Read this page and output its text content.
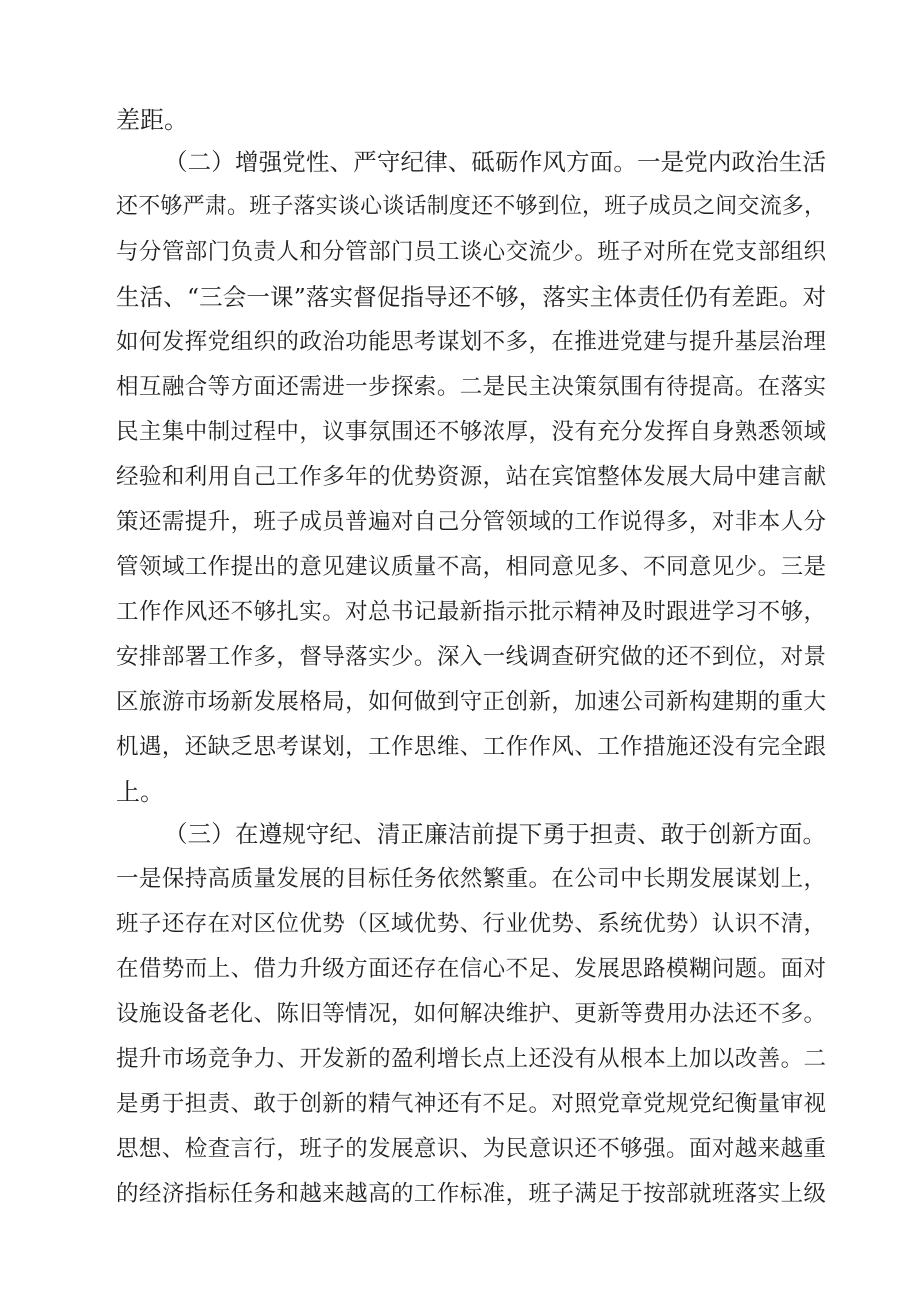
差距。
（二）增强党性、严守纪律、砥砺作风方面。一是党内政治生活
还不够严肃。班子落实谈心谈话制度还不够到位，班子成员之间交流多，
与分管部门负责人和分管部门员工谈心交流少。班子对所在党支部组织
生活、“三会一课”落实督促指导还不够，落实主体责任仍有差距。对
如何发挥党组织的政治功能思考谋划不多，在推进党建与提升基层治理
相互融合等方面还需进一步探索。二是民主决策氛围有待提高。在落实
民主集中制过程中，议事氛围还不够浓厚，没有充分发挥自身熟悉领域
经验和利用自己工作多年的优势资源，站在宾馆整体发展大局中建言献
策还需提升，班子成员普遍对自己分管领域的工作说得多，对非本人分
管领域工作提出的意见建议质量不高，相同意见多、不同意见少。三是
工作作风还不够扎实。对总书记最新指示批示精神及时跟进学习不够，
安排部署工作多，督导落实少。深入一线调查研究做的还不到位，对景
区旅游市场新发展格局，如何做到守正创新，加速公司新构建期的重大
机遇，还缺乏思考谋划，工作思维、工作作风、工作措施还没有完全跟
上。
（三）在遵规守纪、清正廉洁前提下勇于担责、敢于创新方面。
一是保持高质量发展的目标任务依然繁重。在公司中长期发展谋划上，
班子还存在对区位优势（区域优势、行业优势、系统优势）认识不清，
在借势而上、借力升级方面还存在信心不足、发展思路模糊问题。面对
设施设备老化、陈旧等情况，如何解决维护、更新等费用办法还不多。
提升市场竞争力、开发新的盈利增长点上还没有从根本上加以改善。二
是勇于担责、敢于创新的精气神还有不足。对照党章党规党纪衡量审视
思想、检查言行，班子的发展意识、为民意识还不够强。面对越来越重
的经济指标任务和越来越高的工作标准，班子满足于按部就班落实上级
